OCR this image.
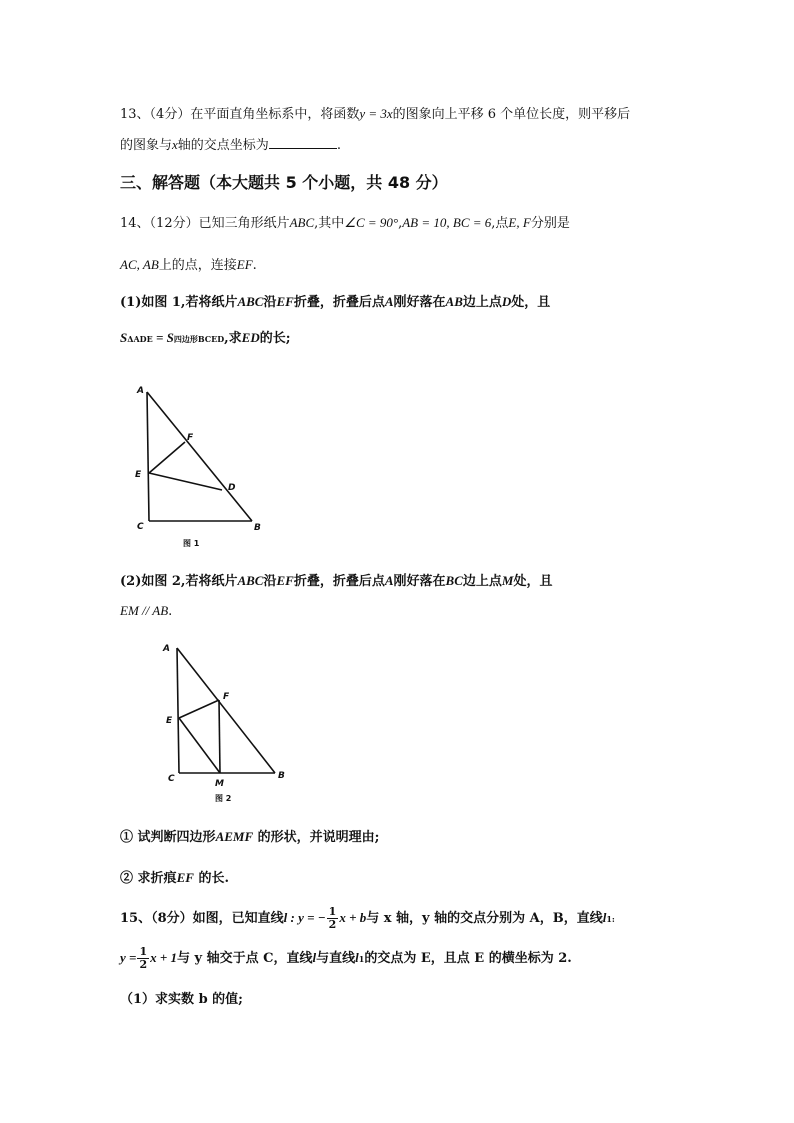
13、（4分）在平面直角坐标系中，将函数y = 3x的图象向上平移 6 个单位长度，则平移后
的图象与x轴的交点坐标为	.
三、解答题（本大题共 5 个小题，共 48 分）
14、（12分）已知三角形纸片ABC,其中∠C = 90°,AB = 10, BC = 6,点E, F分别是
AC, AB上的点，连接EF.
(1)如图 1,若将纸片ABC沿EF折叠，折叠后点A刚好落在AB边上点D处，且
SΔADE = S四边形BCED,求ED的长;
A
F
E
D
C	B
图 1
(2)如图 2,若将纸片ABC沿EF折叠，折叠后点A刚好落在BC边上点M处，且
EM // AB.
A
F
E
C	M
B
图 2
① 试判断四边形AEMF 的形状，并说明理由;
② 求折痕EF 的长.
15、（8分）如图，已知直线l : y = − $\frac{1}{2}$ x + b与 x 轴，y 轴的交点分别为 A，B，直线l1:
$y = \frac{1}{2}$ x + 1与 y 轴交于点 C，直线l与直线l1的交点为 E，且点 E 的横坐标为 2.
（1）求实数 b 的值;
